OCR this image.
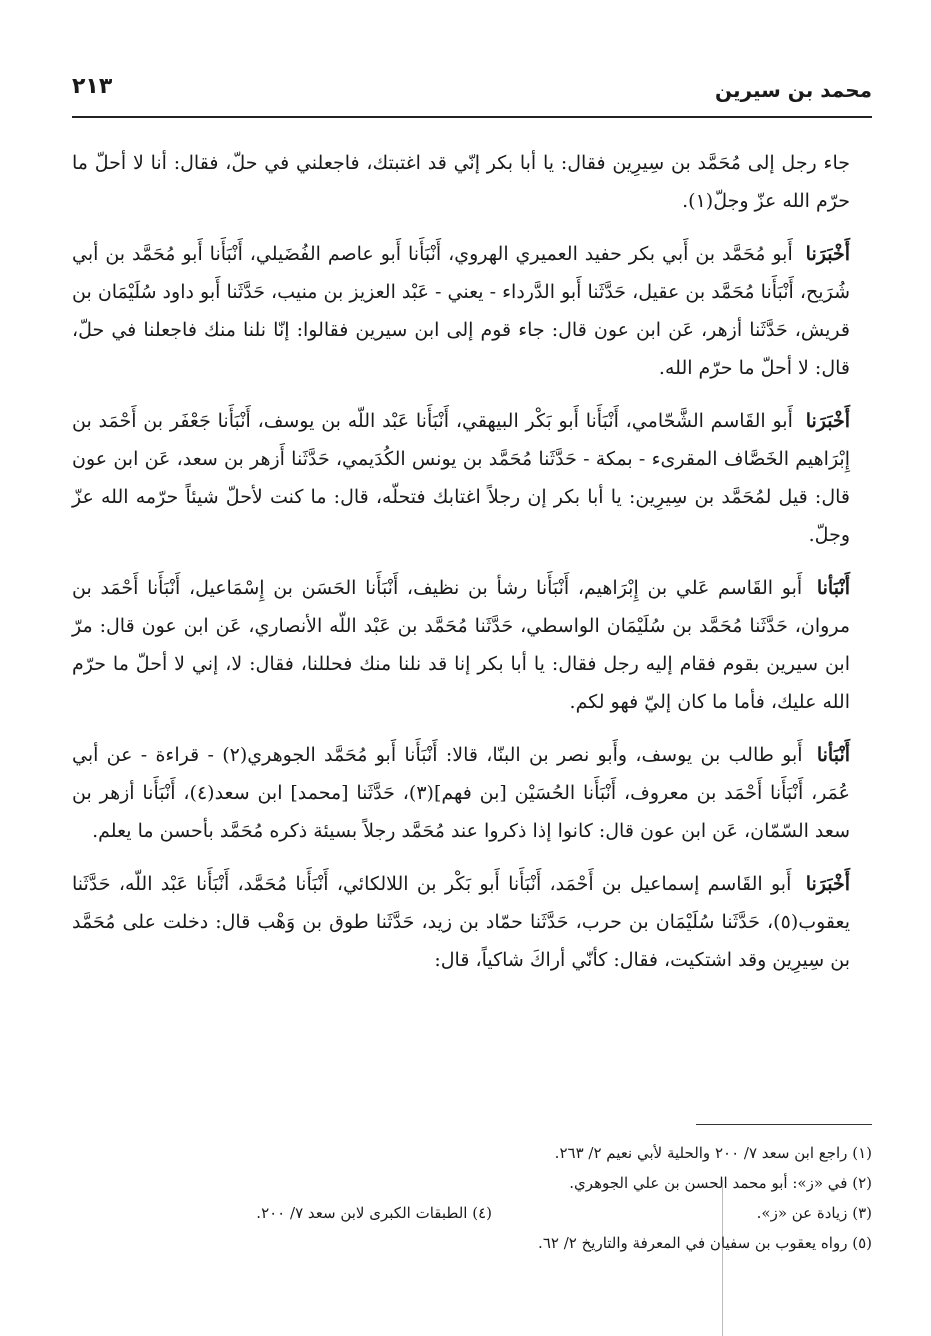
محمد بن سيرين
٢١٣

جاء رجل إلى مُحَمَّد بن سِيرِين فقال: يا أبا بكر إنّي قد اغتبتك، فاجعلني في حلّ، فقال: أنا لا أحلّ ما حرّم الله عزّ وجلّ(١).

أَخْبَرَنا أَبو مُحَمَّد بن أَبي بكر حفيد العميري الهروي، أَنْبَأَنا أَبو عاصم الفُضَيلي، أَنْبَأَنا أَبو مُحَمَّد بن أبي شُرَيح، أَنْبَأَنا مُحَمَّد بن عقيل، حَدَّثَنا أَبو الدَّرداء - يعني - عَبْد العزيز بن منيب، حَدَّثَنا أَبو داود سُلَيْمَان بن قريش، حَدَّثَنا أزهر، عَن ابن عون قال: جاء قوم إلى ابن سيرين فقالوا: إنّا نلنا منك فاجعلنا في حلّ، قال: لا أحلّ ما حرّم الله.

أَخْبَرَنا أَبو القَاسم الشَّحّامي، أَنْبَأَنا أَبو بَكْر البيهقي، أَنْبَأَنا عَبْد اللّه بن يوسف، أَنْبَأَنا جَعْفَر بن أَحْمَد بن إِبْرَاهيم الخَصَّاف المقرىء - بمكة - حَدَّثَنا مُحَمَّد بن يونس الكُدَيمي، حَدَّثَنا أَزهر بن سعد، عَن ابن عون قال: قيل لمُحَمَّد بن سِيرِين: يا أبا بكر إن رجلاً اغتابك فتحلّه، قال: ما كنت لأحلّ شيئاً حرّمه الله عزّ وجلّ.

أَنْبَأنا أَبو القَاسم عَلي بن إِبْرَاهيم، أَنْبَأَنا رشأ بن نظيف، أَنْبَأَنا الحَسَن بن إِسْمَاعيل، أَنْبَأَنا أَحْمَد بن مروان، حَدَّثَنا مُحَمَّد بن سُلَيْمَان الواسطي، حَدَّثَنا مُحَمَّد بن عَبْد اللّه الأنصاري، عَن ابن عون قال: مرّ ابن سيرين بقوم فقام إليه رجل فقال: يا أبا بكر إنا قد نلنا منك فحللنا، فقال: لا، إني لا أحلّ ما حرّم الله عليك، فأما ما كان إليّ فهو لكم.

أَنْبَأنا أَبو طالب بن يوسف، وأَبو نصر بن البنّا، قالا: أَنْبَأَنا أَبو مُحَمَّد الجوهري(٢) - قراءة - عن أبي عُمَر، أَنْبَأَنا أَحْمَد بن معروف، أَنْبَأَنا الحُسَيْن [بن فهم](٣)، حَدَّثَنا [محمد] ابن سعد(٤)، أَنْبَأَنا أزهر بن سعد السّمّان، عَن ابن عون قال: كانوا إذا ذكروا عند مُحَمَّد رجلاً بسيئة ذكره مُحَمَّد بأحسن ما يعلم.

أَخْبَرَنا أَبو القَاسم إسماعيل بن أَحْمَد، أَنْبَأَنا أَبو بَكْر بن اللالكائي، أَنْبَأَنا مُحَمَّد، أَنْبَأَنا عَبْد اللّه، حَدَّثَنا يعقوب(٥)، حَدَّثَنا سُلَيْمَان بن حرب، حَدَّثَنا حمّاد بن زيد، حَدَّثَنا طوق بن وَهْب قال: دخلت على مُحَمَّد بن سِيرِين وقد اشتكيت، فقال: كأنّي أراكَ شاكياً، قال:

(١) راجع ابن سعد ٧/ ٢٠٠ والحلية لأبي نعيم ٢/ ٢٦٣.
(٢) في «ز»: أبو محمد الحسن بن علي الجوهري.
(٣) زيادة عن «ز».
(٤) الطبقات الكبرى لابن سعد ٧/ ٢٠٠.
(٥) رواه يعقوب بن سفيان في المعرفة والتاريخ ٢/ ٦٢.
